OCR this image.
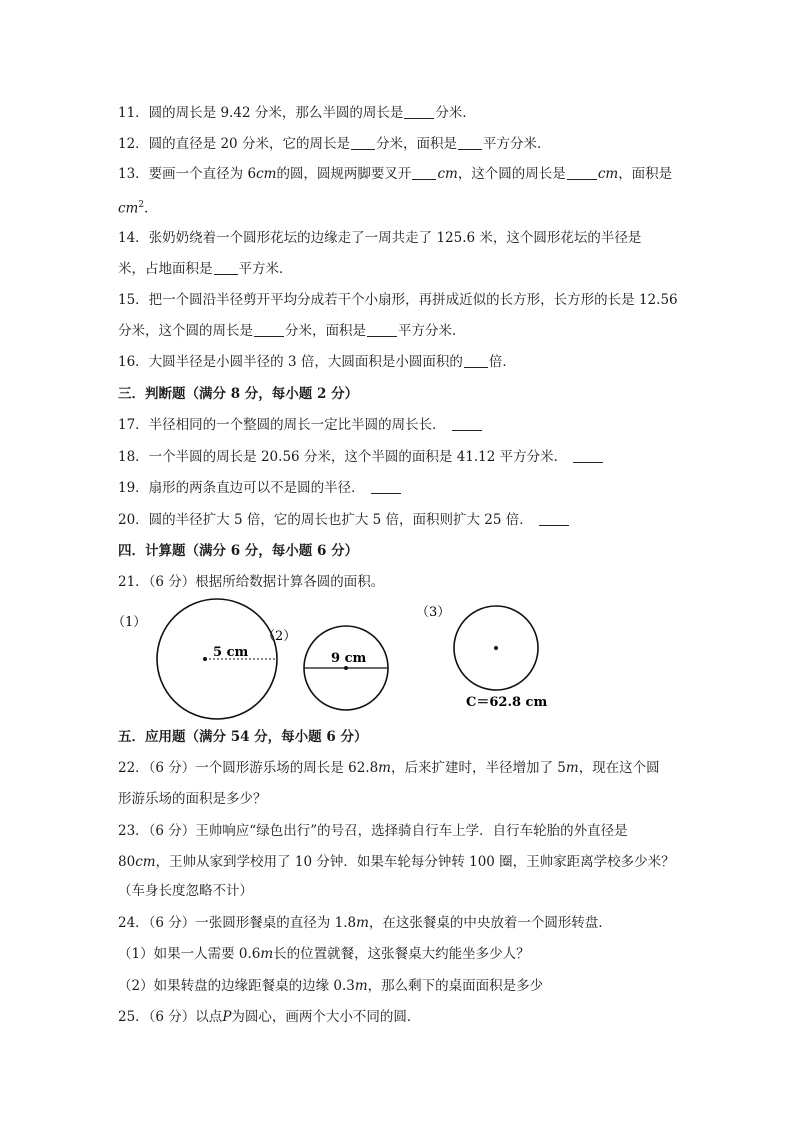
11．圆的周长是 9.42 分米，那么半圆的周长是 分米．
12．圆的直径是 20 分米，它的周长是 分米，面积是 平方分米．
13．要画一个直径为 6cm的圆，圆规两脚要叉开 cm，这个圆的周长是 cm，面积是
$cm^2$．
14．张奶奶绕着一个圆形花坛的边缘走了一周共走了 125.6 米，这个圆形花坛的半径是
米，占地面积是 平方米．
15．把一个圆沿半径剪开平均分成若干个小扇形，再拼成近似的长方形，长方形的长是 12.56
分米，这个圆的周长是 分米，面积是 平方分米．
16．大圆半径是小圆半径的 3 倍，大圆面积是小圆面积的 倍．
三．判断题（满分 8 分，每小题 2 分）
17．半径相同的一个整圆的周长一定比半圆的周长长．
18．一个半圆的周长是 20.56 分米，这个半圆的面积是 41.12 平方分米．
19．扇形的两条直边可以不是圆的半径．
20．圆的半径扩大 5 倍，它的周长也扩大 5 倍，面积则扩大 25 倍．
四．计算题（满分 6 分，每小题 6 分）
21．（6 分）根据所给数据计算各圆的面积。
（1）
5 cm
（2）
9 cm
（3）
C＝62.8 cm
五．应用题（满分 54 分，每小题 6 分）
22．（6 分）一个圆形游乐场的周长是 62.8m，后来扩建时，半径增加了 5m，现在这个圆
形游乐场的面积是多少？
23．（6 分）王帅响应“绿色出行”的号召，选择骑自行车上学．自行车轮胎的外直径是
80cm，王帅从家到学校用了 10 分钟．如果车轮每分钟转 100 圈，王帅家距离学校多少米？
（车身长度忽略不计）
24．（6 分）一张圆形餐桌的直径为 1.8m，在这张餐桌的中央放着一个圆形转盘．
（1）如果一人需要 0.6m长的位置就餐，这张餐桌大约能坐多少人？
（2）如果转盘的边缘距餐桌的边缘 0.3m，那么剩下的桌面面积是多少
25．（6 分）以点P为圆心，画两个大小不同的圆．
